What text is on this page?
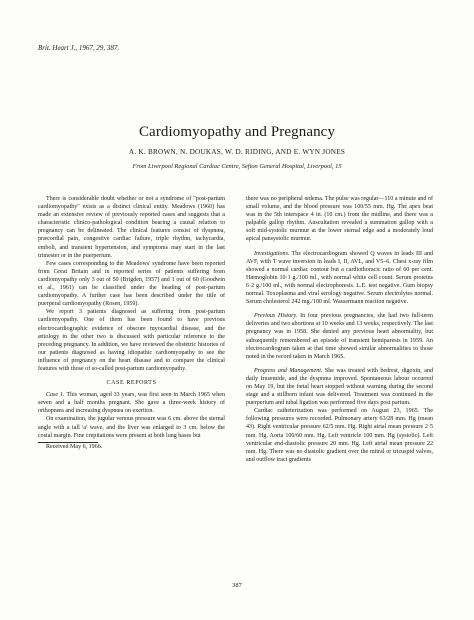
Brit. Heart J., 1967, 29, 387.
Cardiomyopathy and Pregnancy
A. K. BROWN, N. DOUKAS, W. D. RIDING, AND E. WYN JONES
From Liverpool Regional Cardiac Centre, Sefton General Hospital, Liverpool, 15

There is considerable doubt whether or not a syndrome of "post-partum cardiomyopathy" exists as a distinct clinical entity. Meadows (1960) has made an extensive review of previously reported cases and suggests that a characteristic clinico-pathological condition bearing a causal relation to pregnancy can be delineated. The clinical features consist of dyspnœa, præcordial pain, congestive cardiac failure, triple rhythm, tachycardia, emboli, and transient hypertension, and symptoms may start in the last trimester or in the puerperium.

Few cases corresponding to the Meadows' syndrome have been reported from Great Britain and in reported series of patients suffering from cardiomyopathy only 3 out of 50 (Brigden, 1957) and 1 out of 60 (Goodwin et al., 1961) can be classified under the heading of post-partum cardiomyopathy. A further case has been described under the title of puerperal cardiomyopathy (Rosen, 1959).

We report 3 patients diagnosed as suffering from post-partum cardiomyopathy. One of them has been found to have previous electrocardiographic evidence of obscure myocardial disease, and the ætiology in the other two is discussed with particular reference to the preceding pregnancy. In addition, we have reviewed the obstetric histories of our patients diagnosed as having idiopathic cardiomyopathy to see the influence of pregnancy on the heart disease and to compare the clinical features with those of so-called post-partum cardiomyopathy.

CASE REPORTS

Case 1. This woman, aged 33 years, was first seen in March 1965 when seven and a half months pregnant. She gave a three-week history of orthopnœa and increasing dyspnœa on exertion.

On examination, the jugular venous pressure was 6 cm. above the sternal angle with a tall 'a' wave, and the liver was enlarged to 3 cm. below the costal margin. Fine crepitations were present at both lung bases but

Received May 6, 1966.

there was no peripheral œdema. The pulse was regular—110 a minute and of small volume, and the blood pressure was 100/55 mm. Hg. The apex beat was in the 5th interspace 4 in. (10 cm.) from the midline, and there was a palpable gallop rhythm. Auscultation revealed a summation gallop with a soft mid-systolic murmur at the lower sternal edge and a moderately loud apical pansystolic murmur.

Investigations. The electrocardiogram showed Q waves in leads III and AVF, with T wave inversion in leads I, II, AVL, and V5–6. Chest x-ray film showed a normal cardiac contour but a cardiothoracic ratio of 60 per cent. Hæmoglobin 10·1 g./100 ml., with normal white cell count. Serum proteins 6·2 g./100 ml., with normal electrophoresis. L.E. test negative. Gum biopsy normal. Toxoplasma and viral serology negative. Serum electrolytes normal. Serum cholesterol 242 mg./100 ml. Wassermann reaction negative.

Previous History. In four previous pregnancies, she had two full-term deliveries and two abortions at 10 weeks and 13 weeks, respectively. The last pregnancy was in 1958. She denied any previous heart abnormality, but subsequently remembered an episode of transient hemiparesis in 1959. An electrocardiogram taken at that time showed similar abnormalities to those noted in the record taken in March 1965.

Progress and Management. She was treated with bedrest, digoxin, and daily frusemide, and the dyspnœa improved. Spontaneous labour occurred on May 19, but the fœtal heart stopped without warning during the second stage and a stillborn infant was delivered. Treatment was continued in the puerperium and tubal ligation was performed five days post partum.

Cardiac catheterization was performed on August 23, 1965. The following pressures were recorded. Pulmonary artery 63/28 mm. Hg (mean 43). Right ventricular pressure 62/5 mm. Hg. Right atrial mean pressure 2·5 mm. Hg. Aorta 100/60 mm. Hg. Left ventricle 100 mm. Hg (systolic). Left ventricular end-diastolic pressure 20 mm. Hg. Left atrial mean pressure 22 mm. Hg. There was no diastolic gradient over the mitral or tricuspid valves, and outflow tract gradients

387
